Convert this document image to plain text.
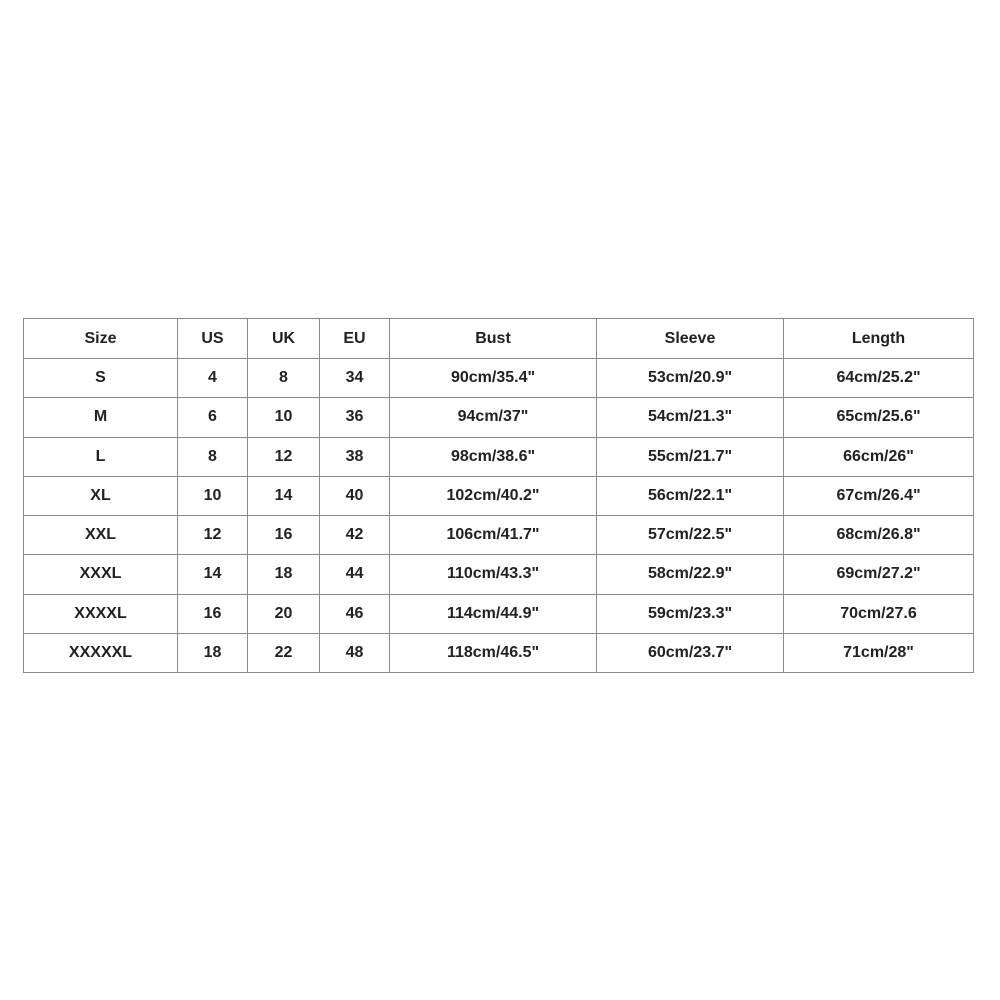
Size	US	UK	EU	Bust	Sleeve	Length
S	4	8	34	90cm/35.4"	53cm/20.9"	64cm/25.2"
M	6	10	36	94cm/37"	54cm/21.3"	65cm/25.6"
L	8	12	38	98cm/38.6"	55cm/21.7"	66cm/26"
XL	10	14	40	102cm/40.2"	56cm/22.1"	67cm/26.4"
XXL	12	16	42	106cm/41.7"	57cm/22.5"	68cm/26.8"
XXXL	14	18	44	110cm/43.3"	58cm/22.9"	69cm/27.2"
XXXXL	16	20	46	114cm/44.9"	59cm/23.3"	70cm/27.6
XXXXXL	18	22	48	118cm/46.5"	60cm/23.7"	71cm/28"
